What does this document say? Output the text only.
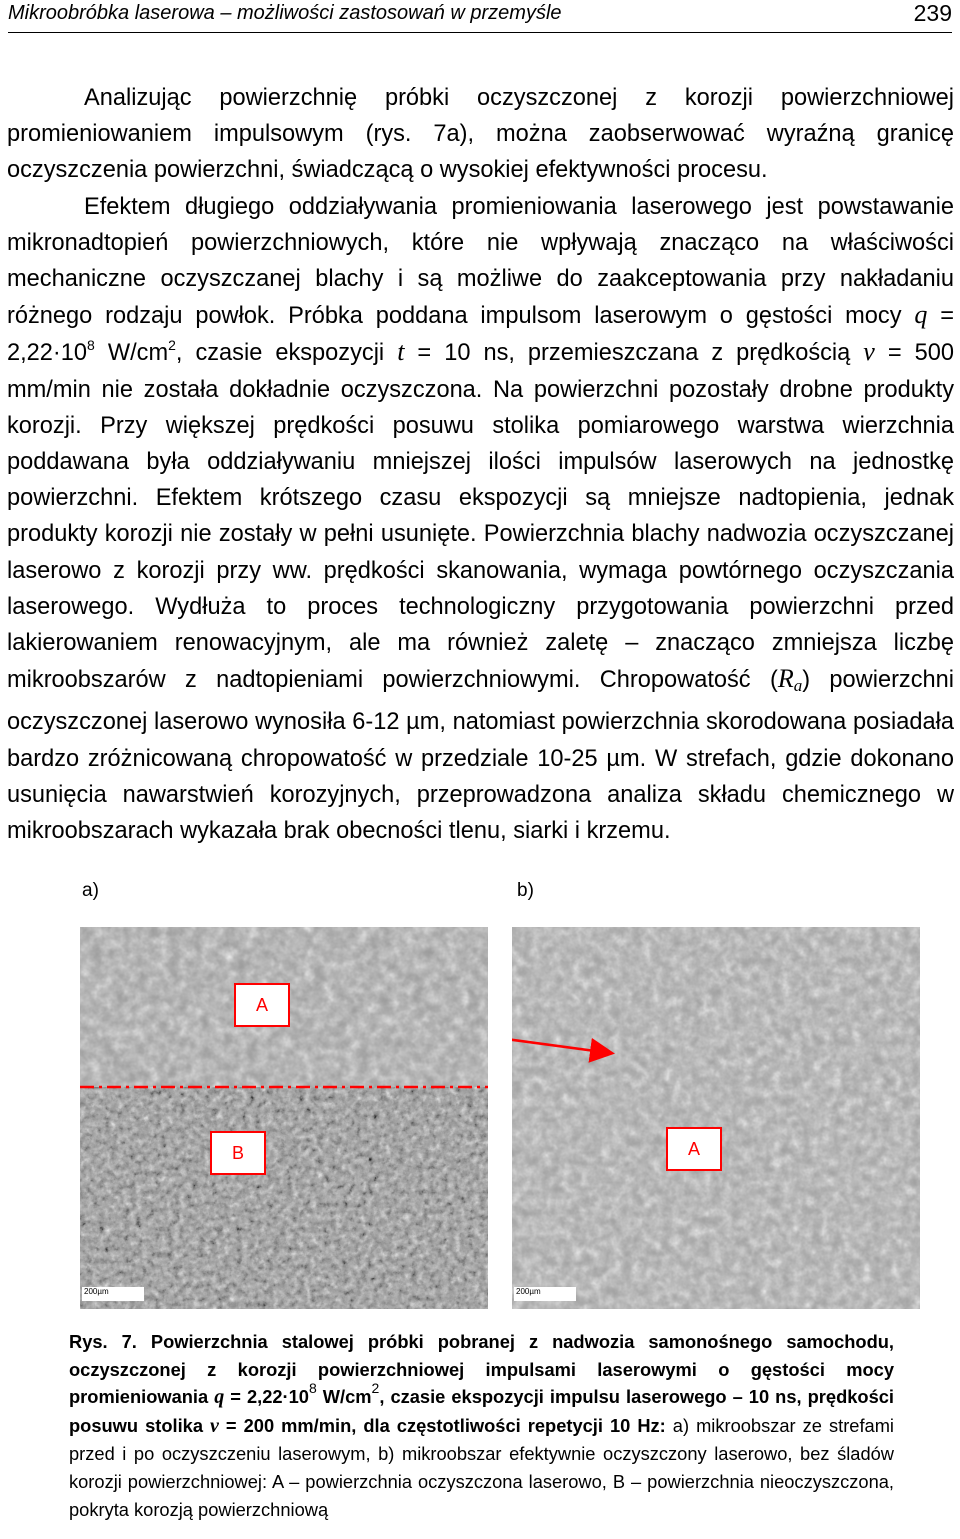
Mikroobróbka laserowa – możliwości zastosowań w przemyśle	239

Analizując powierzchnię próbki oczyszczonej z korozji powierzchniowej promieniowaniem impulsowym (rys. 7a), można zaobserwować wyraźną granicę oczyszczenia powierzchni, świadczącą o wysokiej efektywności procesu.

Efektem długiego oddziaływania promieniowania laserowego jest powstawanie mikronadtopień powierzchniowych, które nie wpływają znacząco na właściwości mechaniczne oczyszczanej blachy i są możliwe do zaakceptowania przy nakładaniu różnego rodzaju powłok. Próbka poddana impulsom laserowym o gęstości mocy $q = 2,22\cdot 10^8$ $W/cm^2$, czasie ekspozycji t = 10 ns, przemieszczana z prędkością v = 500 mm/min nie została dokładnie oczyszczona. Na powierzchni pozostały drobne produkty korozji. Przy większej prędkości posuwu stolika pomiarowego warstwa wierzchnia poddawana była oddziaływaniu mniejszej ilości impulsów laserowych na jednostkę powierzchni. Efektem krótszego czasu ekspozycji są mniejsze nadtopienia, jednak produkty korozji nie zostały w pełni usunięte. Powierzchnia blachy nadwozia oczyszczanej laserowo z korozji przy ww. prędkości skanowania, wymaga powtórnego oczyszczania laserowego. Wydłuża to proces technologiczny przygotowania powierzchni przed lakierowaniem renowacyjnym, ale ma również zaletę – znacząco zmniejsza liczbę mikroobszarów z nadtopieniami powierzchniowymi. Chropowatość (Ra) powierzchni oczyszczonej laserowo wynosiła 6-12 µm, natomiast powierzchnia skorodowana posiadała bardzo zróżnicowaną chropowatość w przedziale 10-25 µm. W strefach, gdzie dokonano usunięcia nawarstwień korozyjnych, przeprowadzona analiza składu chemicznego w mikroobszarach wykazała brak obecności tlenu, siarki i krzemu.

a)	b)
A
B
200µm
A
200µm
Rys. 7. Powierzchnia stalowej próbki pobranej z nadwozia samonośnego samochodu, oczyszczonej z korozji powierzchniowej impulsami laserowymi o gęstości mocy promieniowania $q = 2,22\cdot 10^8$ $W/cm^2$, czasie ekspozycji impulsu laserowego – 10 ns, prędkości posuwu stolika v = 200 mm/min, dla częstotliwości repetycji 10 Hz: a) mikroobszar ze strefami przed i po oczyszczeniu laserowym, b) mikroobszar efektywnie oczyszczony laserowo, bez śladów korozji powierzchniowej: A – powierzchnia oczyszczona laserowo, B – powierzchnia nieoczyszczona, pokryta korozją powierzchniową
